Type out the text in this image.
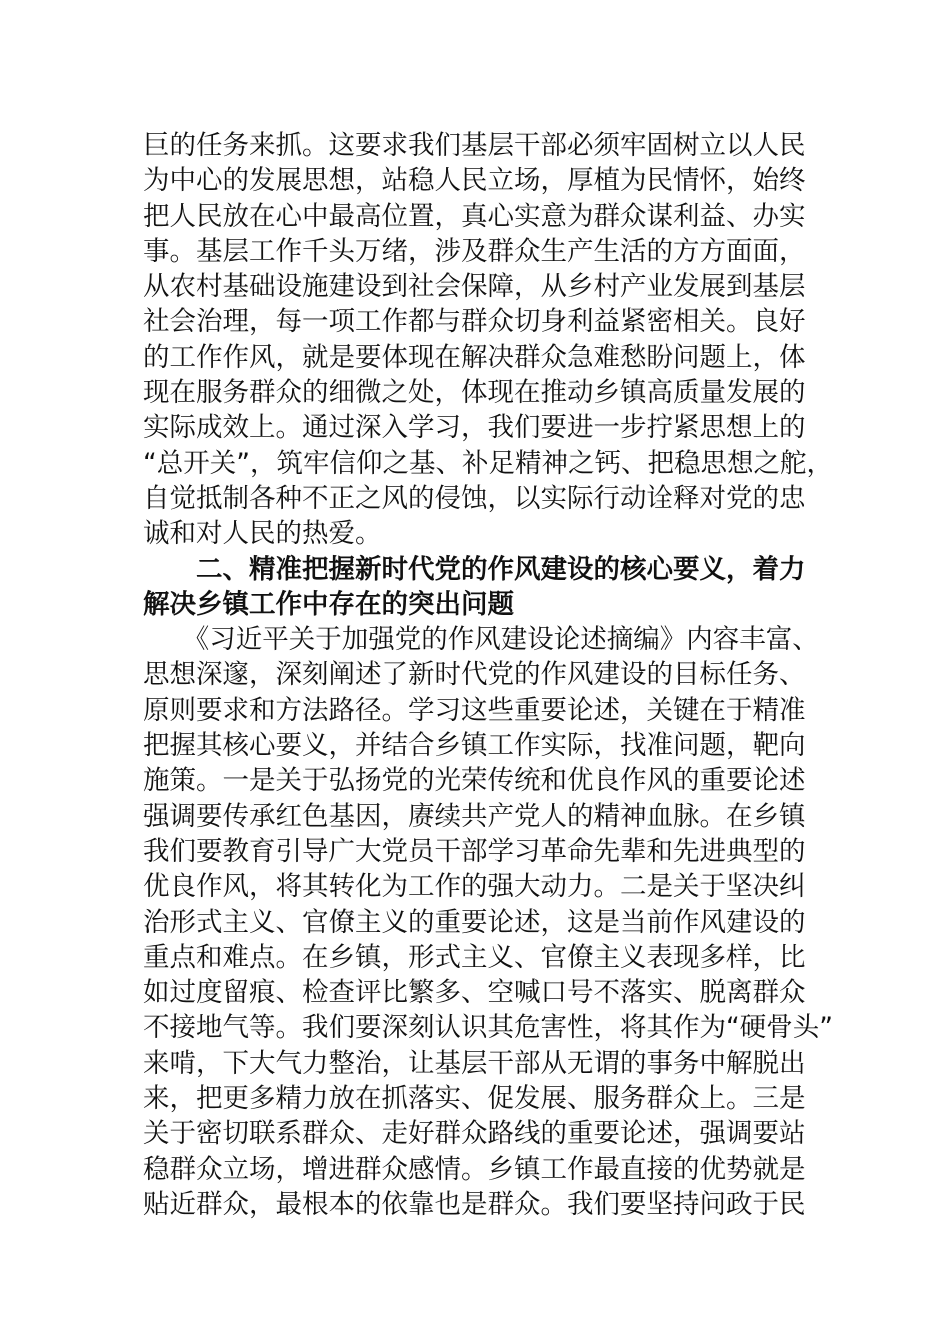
巨的任务来抓。这要求我们基层干部必须牢固树立以人民
为中心的发展思想，站稳人民立场，厚植为民情怀，始终
把人民放在心中最高位置，真心实意为群众谋利益、办实
事。基层工作千头万绪，涉及群众生产生活的方方面面，
从农村基础设施建设到社会保障，从乡村产业发展到基层
社会治理，每一项工作都与群众切身利益紧密相关。良好
的工作作风，就是要体现在解决群众急难愁盼问题上，体
现在服务群众的细微之处，体现在推动乡镇高质量发展的
实际成效上。通过深入学习，我们要进一步拧紧思想上的
“总开关”，筑牢信仰之基、补足精神之钙、把稳思想之舵，
自觉抵制各种不正之风的侵蚀，以实际行动诠释对党的忠
诚和对人民的热爱。
　　二、精准把握新时代党的作风建设的核心要义，着力
解决乡镇工作中存在的突出问题
　　《习近平关于加强党的作风建设论述摘编》内容丰富、
思想深邃，深刻阐述了新时代党的作风建设的目标任务、
原则要求和方法路径。学习这些重要论述，关键在于精准
把握其核心要义，并结合乡镇工作实际，找准问题，靶向
施策。一是关于弘扬党的光荣传统和优良作风的重要论述
强调要传承红色基因，赓续共产党人的精神血脉。在乡镇
我们要教育引导广大党员干部学习革命先辈和先进典型的
优良作风，将其转化为工作的强大动力。二是关于坚决纠
治形式主义、官僚主义的重要论述，这是当前作风建设的
重点和难点。在乡镇，形式主义、官僚主义表现多样，比
如过度留痕、检查评比繁多、空喊口号不落实、脱离群众
不接地气等。我们要深刻认识其危害性，将其作为“硬骨头”
来啃，下大气力整治，让基层干部从无谓的事务中解脱出
来，把更多精力放在抓落实、促发展、服务群众上。三是
关于密切联系群众、走好群众路线的重要论述，强调要站
稳群众立场，增进群众感情。乡镇工作最直接的优势就是
贴近群众，最根本的依靠也是群众。我们要坚持问政于民
